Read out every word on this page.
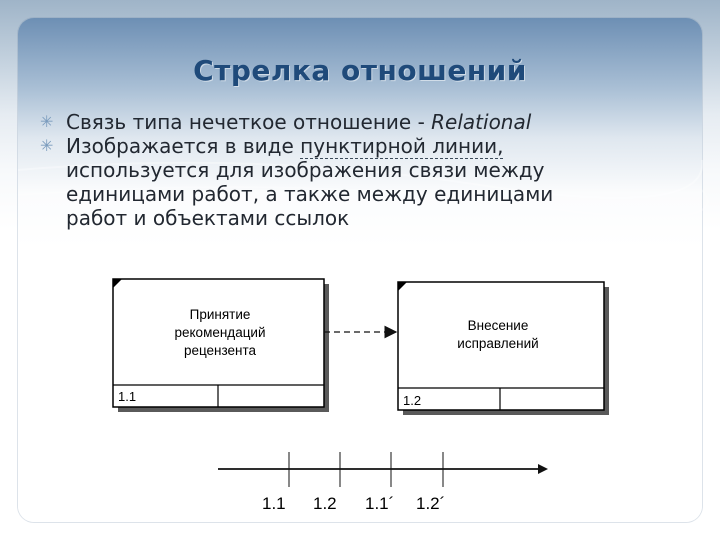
Стрелка отношений
✳ Связь типа нечеткое отношение - Relational
✳ Изображается в виде пунктирной линии,
используется для изображения связи между
единицами работ, а также между единицами
работ и объектами ссылок
Принятие
рекомендаций
рецензента
1.1
Внесение
исправлений
1.2
1.1 1.2 1.1´ 1.2´
